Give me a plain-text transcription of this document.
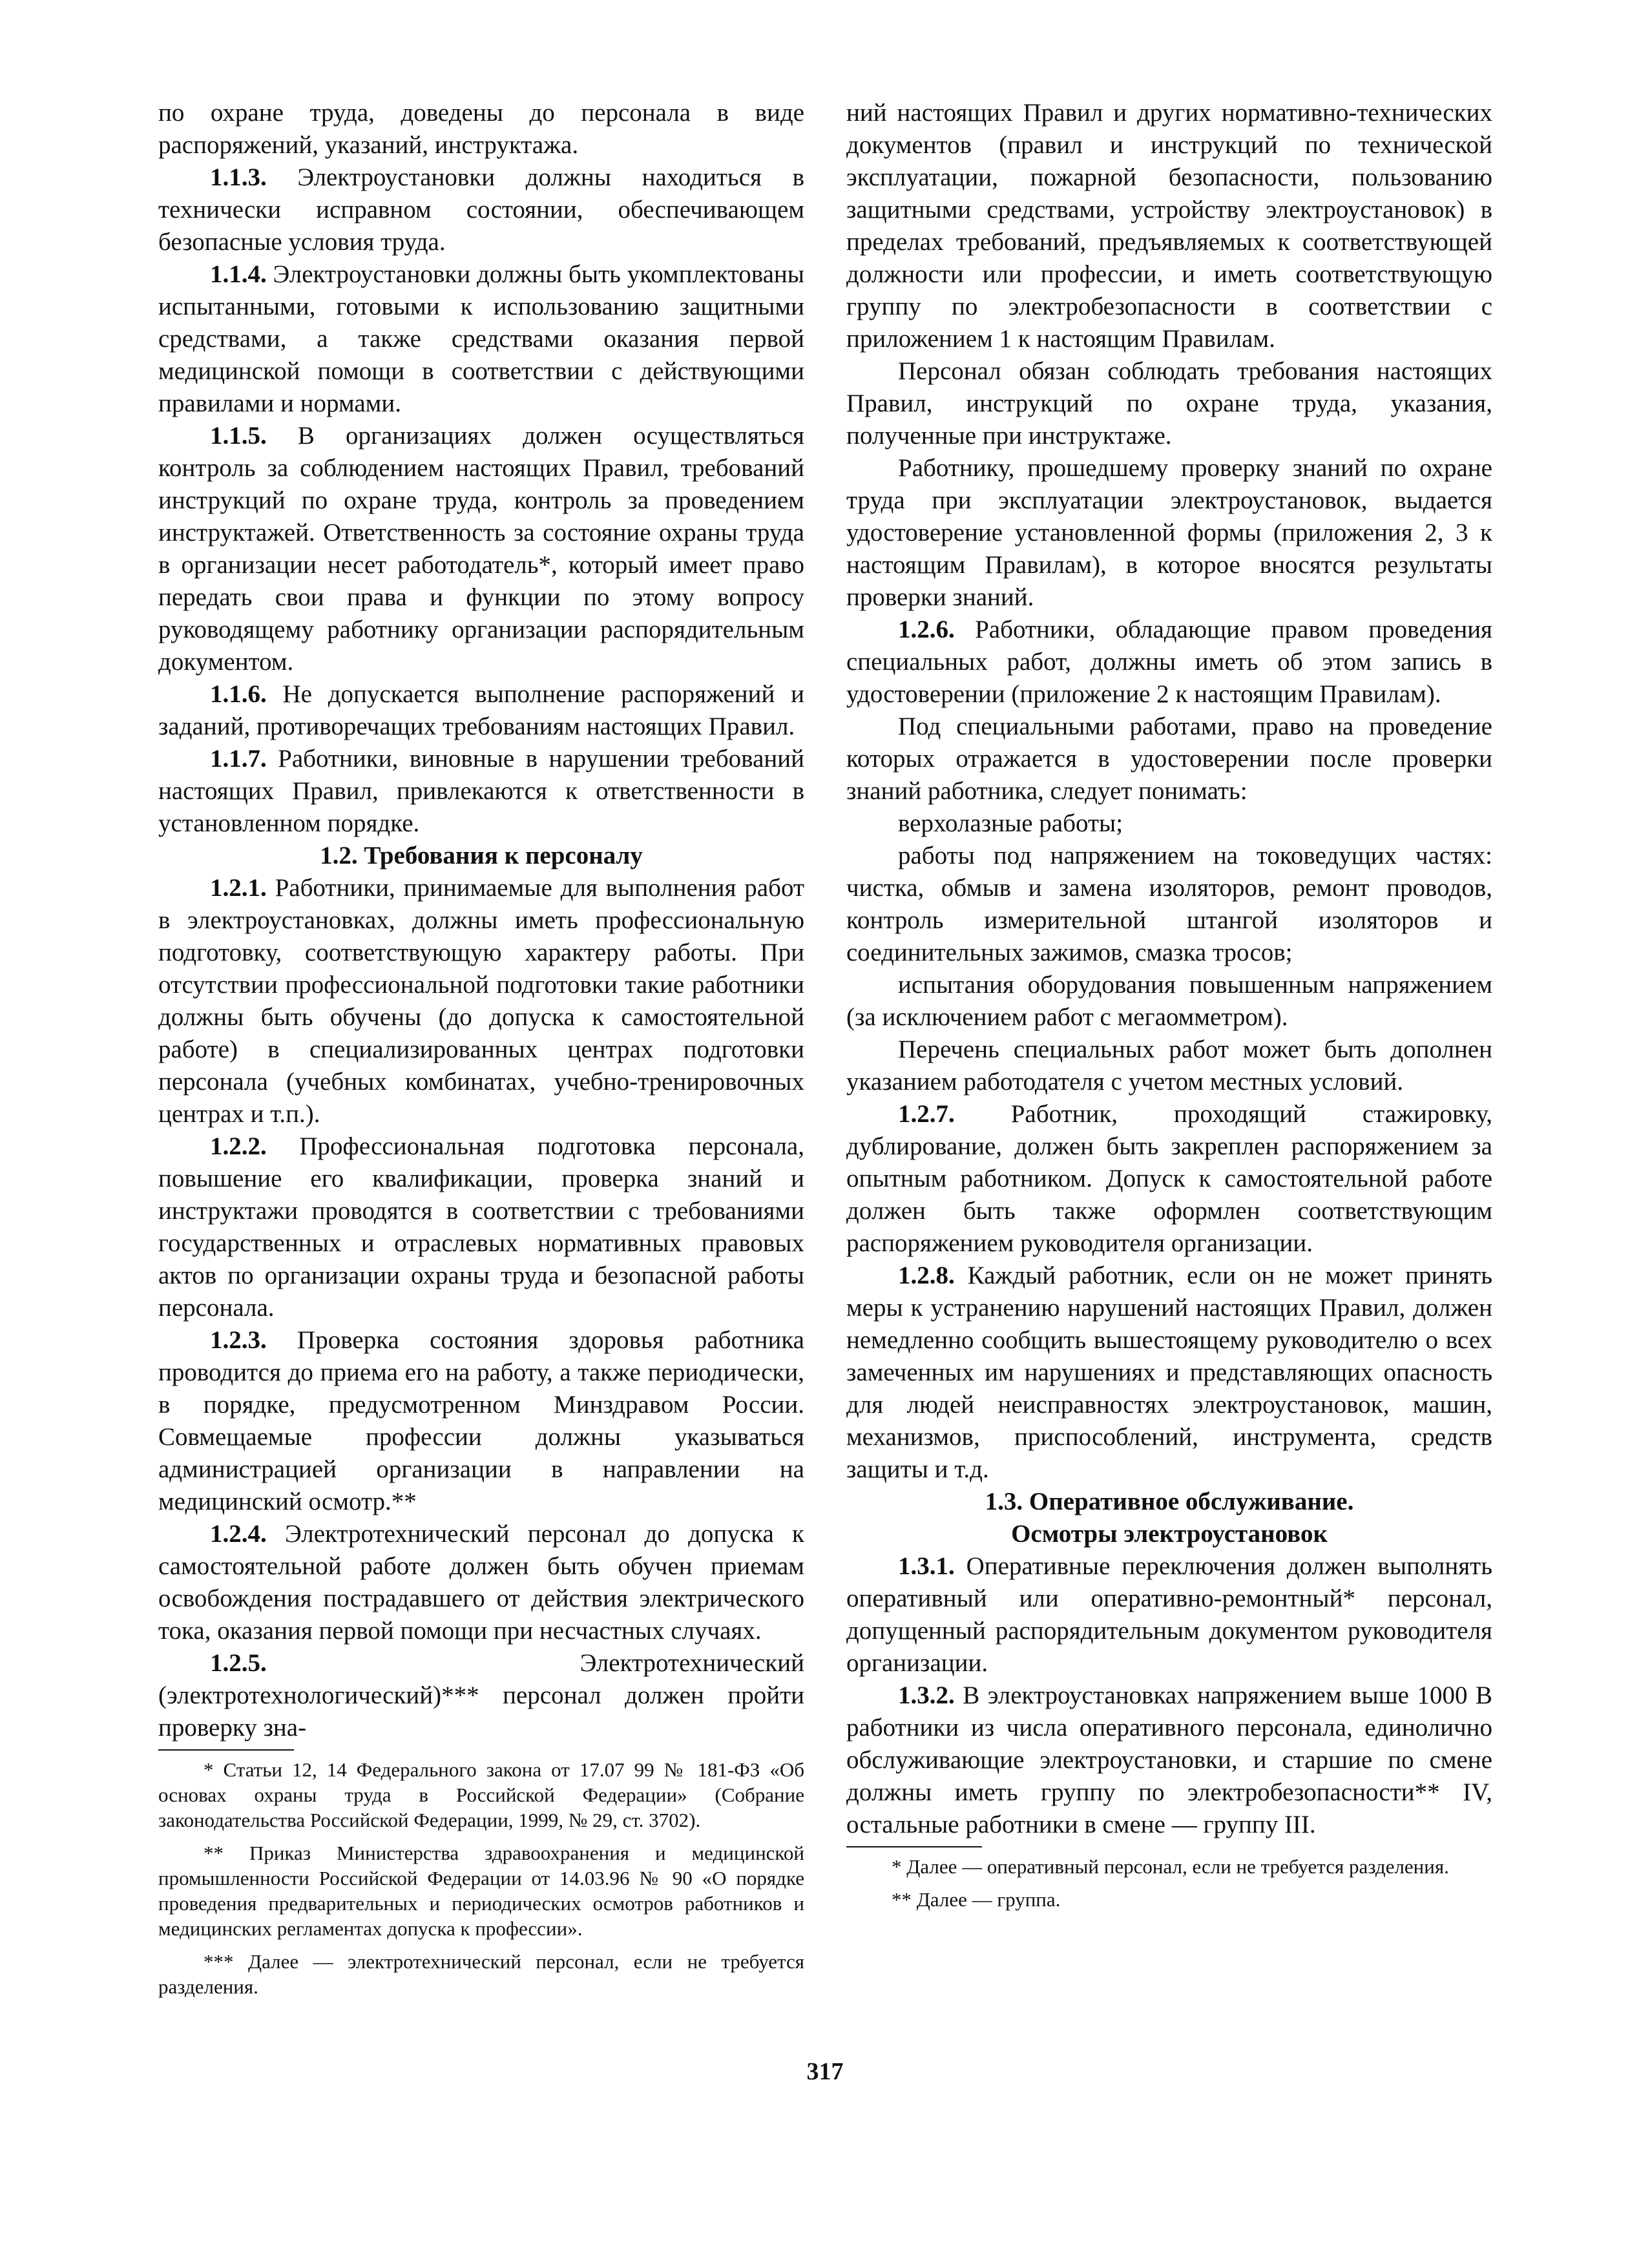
по охране труда, доведены до персонала в виде распоряжений, указаний, инструктажа.

1.1.3. Электроустановки должны находиться в технически исправном состоянии, обеспечивающем безопасные условия труда.

1.1.4. Электроустановки должны быть укомплектованы испытанными, готовыми к использованию защитными средствами, а также средствами оказания первой медицинской помощи в соответствии с действующими правилами и нормами.

1.1.5. В организациях должен осуществляться контроль за соблюдением настоящих Правил, требований инструкций по охране труда, контроль за проведением инструктажей. Ответственность за состояние охраны труда в организации несет работодатель*, который имеет право передать свои права и функции по этому вопросу руководящему работнику организации распорядительным документом.

1.1.6. Не допускается выполнение распоряжений и заданий, противоречащих требованиям настоящих Правил.

1.1.7. Работники, виновные в нарушении требований настоящих Правил, привлекаются к ответственности в установленном порядке.

1.2. Требования к персоналу

1.2.1. Работники, принимаемые для выполнения работ в электроустановках, должны иметь профессиональную подготовку, соответствующую характеру работы. При отсутствии профессиональной подготовки такие работники должны быть обучены (до допуска к самостоятельной работе) в специализированных центрах подготовки персонала (учебных комбинатах, учебно-тренировочных центрах и т.п.).

1.2.2. Профессиональная подготовка персонала, повышение его квалификации, проверка знаний и инструктажи проводятся в соответствии с требованиями государственных и отраслевых нормативных правовых актов по организации охраны труда и безопасной работы персонала.

1.2.3. Проверка состояния здоровья работника проводится до приема его на работу, а также периодически, в порядке, предусмотренном Минздравом России. Совмещаемые профессии должны указываться администрацией организации в направлении на медицинский осмотр.**

1.2.4. Электротехнический персонал до допуска к самостоятельной работе должен быть обучен приемам освобождения пострадавшего от действия электрического тока, оказания первой помощи при несчастных случаях.

1.2.5. Электротехнический (электротехнологический)*** персонал должен пройти проверку зна-

* Статьи 12, 14 Федерального закона от 17.07 99 № 181-ФЗ «Об основах охраны труда в Российской Федерации» (Собрание законодательства Российской Федерации, 1999, № 29, ст. 3702).

** Приказ Министерства здравоохранения и медицинской промышленности Российской Федерации от 14.03.96 № 90 «О порядке проведения предварительных и периодических осмотров работников и медицинских регламентах допуска к профессии».

*** Далее — электротехнический персонал, если не требуется разделения.

ний настоящих Правил и других нормативно-технических документов (правил и инструкций по технической эксплуатации, пожарной безопасности, пользованию защитными средствами, устройству электроустановок) в пределах требований, предъявляемых к соответствующей должности или профессии, и иметь соответствующую группу по электробезопасности в соответствии с приложением 1 к настоящим Правилам.

Персонал обязан соблюдать требования настоящих Правил, инструкций по охране труда, указания, полученные при инструктаже.

Работнику, прошедшему проверку знаний по охране труда при эксплуатации электроустановок, выдается удостоверение установленной формы (приложения 2, 3 к настоящим Правилам), в которое вносятся результаты проверки знаний.

1.2.6. Работники, обладающие правом проведения специальных работ, должны иметь об этом запись в удостоверении (приложение 2 к настоящим Правилам).

Под специальными работами, право на проведение которых отражается в удостоверении после проверки знаний работника, следует понимать:

верхолазные работы;

работы под напряжением на токоведущих частях: чистка, обмыв и замена изоляторов, ремонт проводов, контроль измерительной штангой изоляторов и соединительных зажимов, смазка тросов;

испытания оборудования повышенным напряжением (за исключением работ с мегаомметром).

Перечень специальных работ может быть дополнен указанием работодателя с учетом местных условий.

1.2.7. Работник, проходящий стажировку, дублирование, должен быть закреплен распоряжением за опытным работником. Допуск к самостоятельной работе должен быть также оформлен соответствующим распоряжением руководителя организации.

1.2.8. Каждый работник, если он не может принять меры к устранению нарушений настоящих Правил, должен немедленно сообщить вышестоящему руководителю о всех замеченных им нарушениях и представляющих опасность для людей неисправностях электроустановок, машин, механизмов, приспособлений, инструмента, средств защиты и т.д.

1.3. Оперативное обслуживание.
Осмотры электроустановок

1.3.1. Оперативные переключения должен выполнять оперативный или оперативно-ремонтный* персонал, допущенный распорядительным документом руководителя организации.

1.3.2. В электроустановках напряжением выше 1000 В работники из числа оперативного персонала, единолично обслуживающие электроустановки, и старшие по смене должны иметь группу по электробезопасности** IV, остальные работники в смене — группу III.

* Далее — оперативный персонал, если не требуется разделения.

** Далее — группа.

317
